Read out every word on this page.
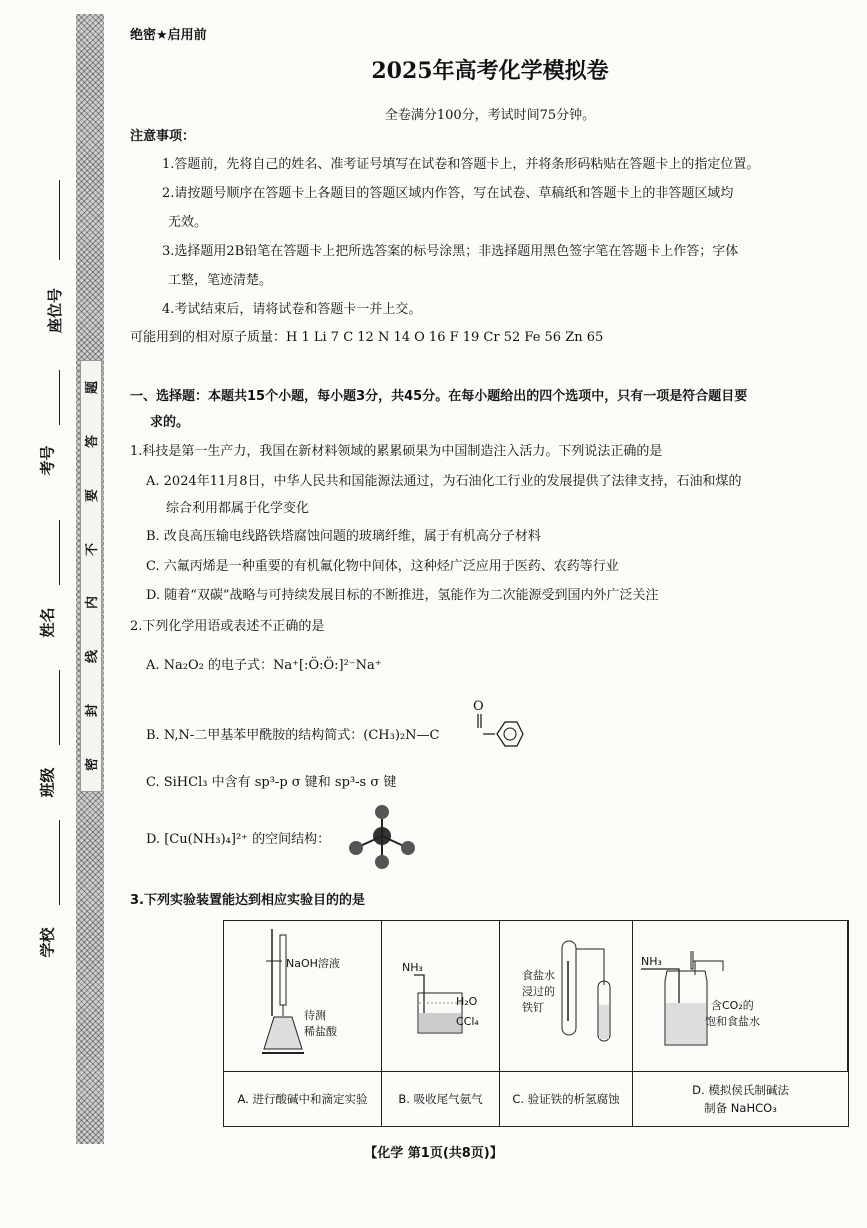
题
答
要
不
内
线
封
密
座位号
考号
姓名
班级
学校
绝密★启用前
2025年高考化学模拟卷
全卷满分100分，考试时间75分钟。
注意事项：
1.答题前，先将自己的姓名、准考证号填写在试卷和答题卡上，并将条形码粘贴在答题卡上的指定位置。
2.请按题号顺序在答题卡上各题目的答题区域内作答，写在试卷、草稿纸和答题卡上的非答题区域均
无效。
3.选择题用2B铅笔在答题卡上把所选答案的标号涂黑；非选择题用黑色签字笔在答题卡上作答；字体
工整，笔迹清楚。
4.考试结束后，请将试卷和答题卡一并上交。
可能用到的相对原子质量：H 1 Li 7 C 12 N 14 O 16 F 19 Cr 52 Fe 56 Zn 65
一、选择题：本题共15个小题，每小题3分，共45分。在每小题给出的四个选项中，只有一项是符合题目要
求的。
1.科技是第一生产力，我国在新材料领域的累累硕果为中国制造注入活力。下列说法正确的是
A. 2024年11月8日，中华人民共和国能源法通过，为石油化工行业的发展提供了法律支持，石油和煤的
综合利用都属于化学变化
B. 改良高压输电线路铁塔腐蚀问题的玻璃纤维，属于有机高分子材料
C. 六氟丙烯是一种重要的有机氟化物中间体，这种烃广泛应用于医药、农药等行业
D. 随着“双碳”战略与可持续发展目标的不断推进，氢能作为二次能源受到国内外广泛关注
2.下列化学用语或表述不正确的是
A. Na₂O₂ 的电子式：Na⁺[:Ö:Ö:]²⁻Na⁺
B. N,N-二甲基苯甲酰胺的结构简式：(CH₃)₂N—C
O
C. SiHCl₃ 中含有 sp³-p σ 键和 sp³-s σ 键
D. [Cu(NH₃)₄]²⁺ 的空间结构：
3.下列实验装置能达到相应实验目的的是
NaOH溶液
待测
稀盐酸
NH₃
H₂O
CCl₄
食盐水
浸过的
铁钉
NH₃
含CO₂的
饱和食盐水
A. 进行酸碱中和滴定实验	B. 吸收尾气氨气	C. 验证铁的析氢腐蚀
D. 模拟侯氏制碱法
制备 NaHCO₃
【化学 第1页(共8页)】
